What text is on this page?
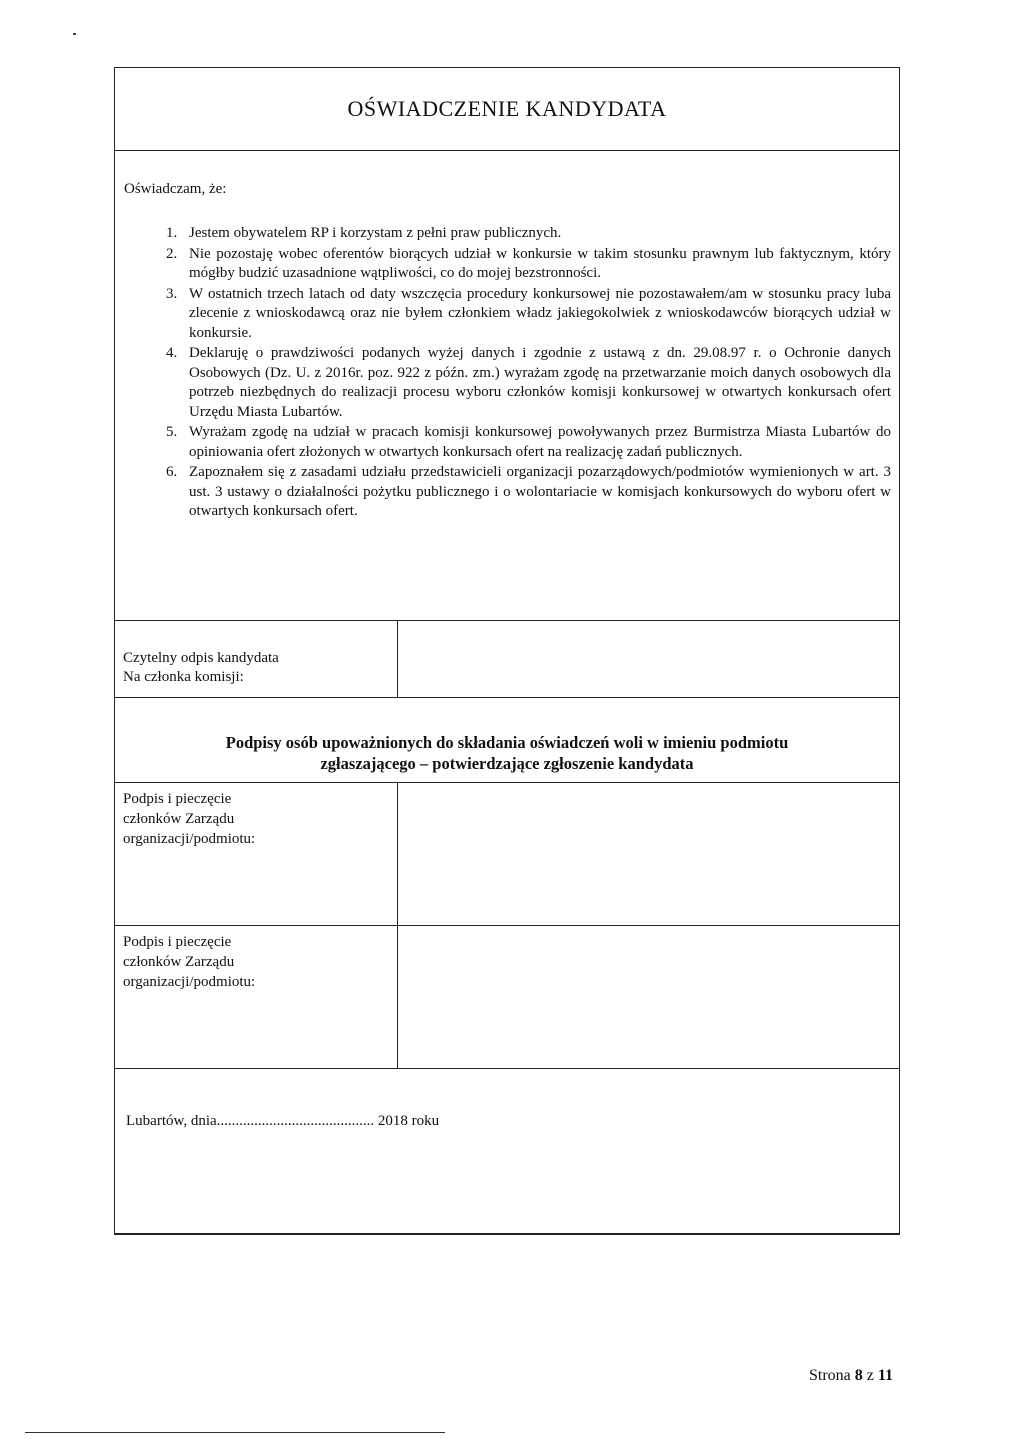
OŚWIADCZENIE KANDYDATA

Oświadczam, że:

1. Jestem obywatelem RP i korzystam z pełni praw publicznych.
2. Nie pozostaję wobec oferentów biorących udział w konkursie w takim stosunku prawnym lub faktycznym, który mógłby budzić uzasadnione wątpliwości, co do mojej bezstronności.
3. W ostatnich trzech latach od daty wszczęcia procedury konkursowej nie pozostawałem/am w stosunku pracy luba zlecenie z wnioskodawcą oraz nie byłem członkiem władz jakiegokolwiek z wnioskodawców biorących udział w konkursie.
4. Deklaruję o prawdziwości podanych wyżej danych i zgodnie z ustawą z dn. 29.08.97 r. o Ochronie danych Osobowych (Dz. U. z 2016r. poz. 922 z późn. zm.) wyrażam zgodę na przetwarzanie moich danych osobowych dla potrzeb niezbędnych do realizacji procesu wyboru członków komisji konkursowej w otwartych konkursach ofert Urzędu Miasta Lubartów.
5. Wyrażam zgodę na udział w pracach komisji konkursowej powoływanych przez Burmistrza Miasta Lubartów do opiniowania ofert złożonych w otwartych konkursach ofert na realizację zadań publicznych.
6. Zapoznałem się z zasadami udziału przedstawicieli organizacji pozarządowych/podmiotów wymienionych w art. 3 ust. 3 ustawy o działalności pożytku publicznego i o wolontariacie w komisjach konkursowych do wyboru ofert w otwartych konkursach ofert.
Czytelny odpis kandydata
Na członka komisji:
Podpisy osób upoważnionych do składania oświadczeń woli w imieniu podmiotu
zgłaszającego – potwierdzające zgłoszenie kandydata
Podpis i pieczęcie
członków Zarządu
organizacji/podmiotu:
Podpis i pieczęcie
członków Zarządu
organizacji/podmiotu:
Lubartów, dnia.......................................... 2018 roku
Strona 8 z 11
